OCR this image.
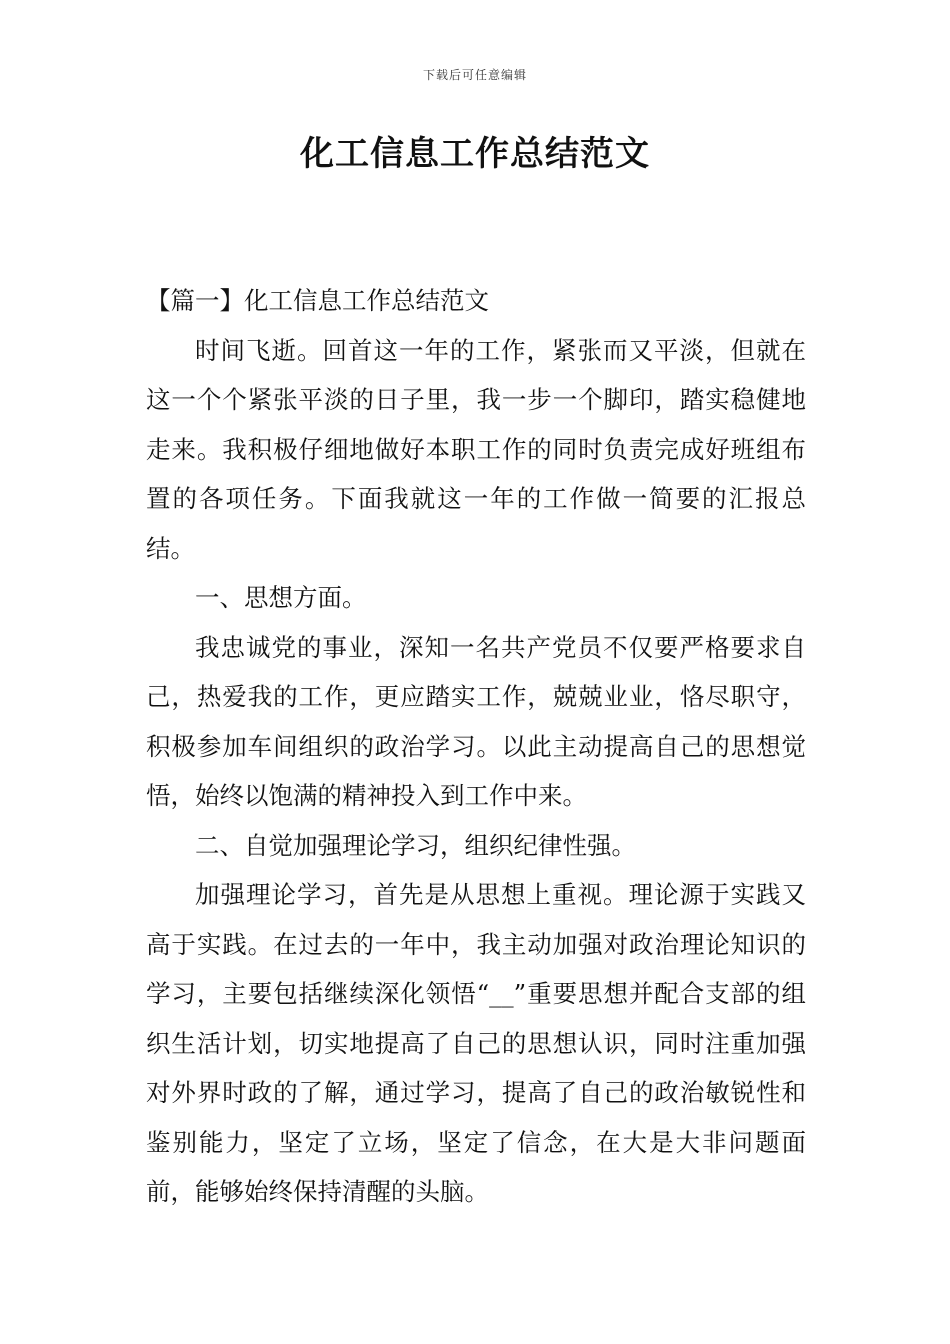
下载后可任意编辑
化工信息工作总结范文

【篇一】化工信息工作总结范文

时间飞逝。回首这一年的工作，紧张而又平淡，但就在这一个个紧张平淡的日子里，我一步一个脚印，踏实稳健地走来。我积极仔细地做好本职工作的同时负责完成好班组布置的各项任务。下面我就这一年的工作做一简要的汇报总结。

一、思想方面。

我忠诚党的事业，深知一名共产党员不仅要严格要求自己，热爱我的工作，更应踏实工作，兢兢业业，恪尽职守，积极参加车间组织的政治学习。以此主动提高自己的思想觉悟，始终以饱满的精神投入到工作中来。

二、自觉加强理论学习，组织纪律性强。

加强理论学习，首先是从思想上重视。理论源于实践又高于实践。在过去的一年中，我主动加强对政治理论知识的学习，主要包括继续深化领悟“__”重要思想并配合支部的组织生活计划，切实地提高了自己的思想认识，同时注重加强对外界时政的了解，通过学习，提高了自己的政治敏锐性和鉴别能力，坚定了立场，坚定了信念，在大是大非问题面前，能够始终保持清醒的头脑。
